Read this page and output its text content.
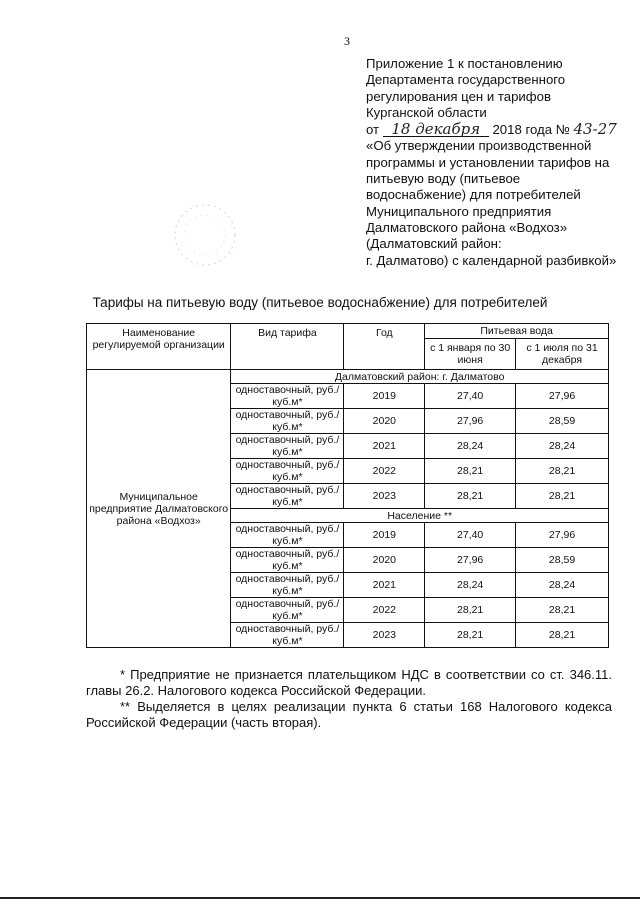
3
Приложение 1 к постановлению
Департамента государственного
регулирования цен и тарифов
Курганской области
от 18 декабря 2018 года № 43-27
«Об утверждении производственной
программы и установлении тарифов на
питьевую воду (питьевое
водоснабжение) для потребителей
Муниципального предприятия
Далматовского района «Водхоз»
(Далматовский район:
г. Далматово) с календарной разбивкой»
Тарифы на питьевую воду (питьевое водоснабжение) для потребителей
Наименование регулируемой организации	Вид тарифа	Год	Питьевая вода	
			с 1 января по 30 июня	с 1 июля по 31 декабря
Муниципальное предприятие Далматовского района «Водхоз»	Далматовский район: г. Далматово			
	одноставочный, руб./куб.м*	2019	27,40	27,96
	одноставочный, руб./куб.м*	2020	27,96	28,59
	одноставочный, руб./куб.м*	2021	28,24	28,24
	одноставочный, руб./куб.м*	2022	28,21	28,21
	одноставочный, руб./куб.м*	2023	28,21	28,21
	Население **			
	одноставочный, руб./куб.м*	2019	27,40	27,96
	одноставочный, руб./куб.м*	2020	27,96	28,59
	одноставочный, руб./куб.м*	2021	28,24	28,24
	одноставочный, руб./куб.м*	2022	28,21	28,21
	одноставочный, руб./куб.м*	2023	28,21	28,21

* Предприятие не признается плательщиком НДС в соответствии со ст. 346.11. главы 26.2. Налогового кодекса Российской Федерации.

** Выделяется в целях реализации пункта 6 статьи 168 Налогового кодекса Российской Федерации (часть вторая).
